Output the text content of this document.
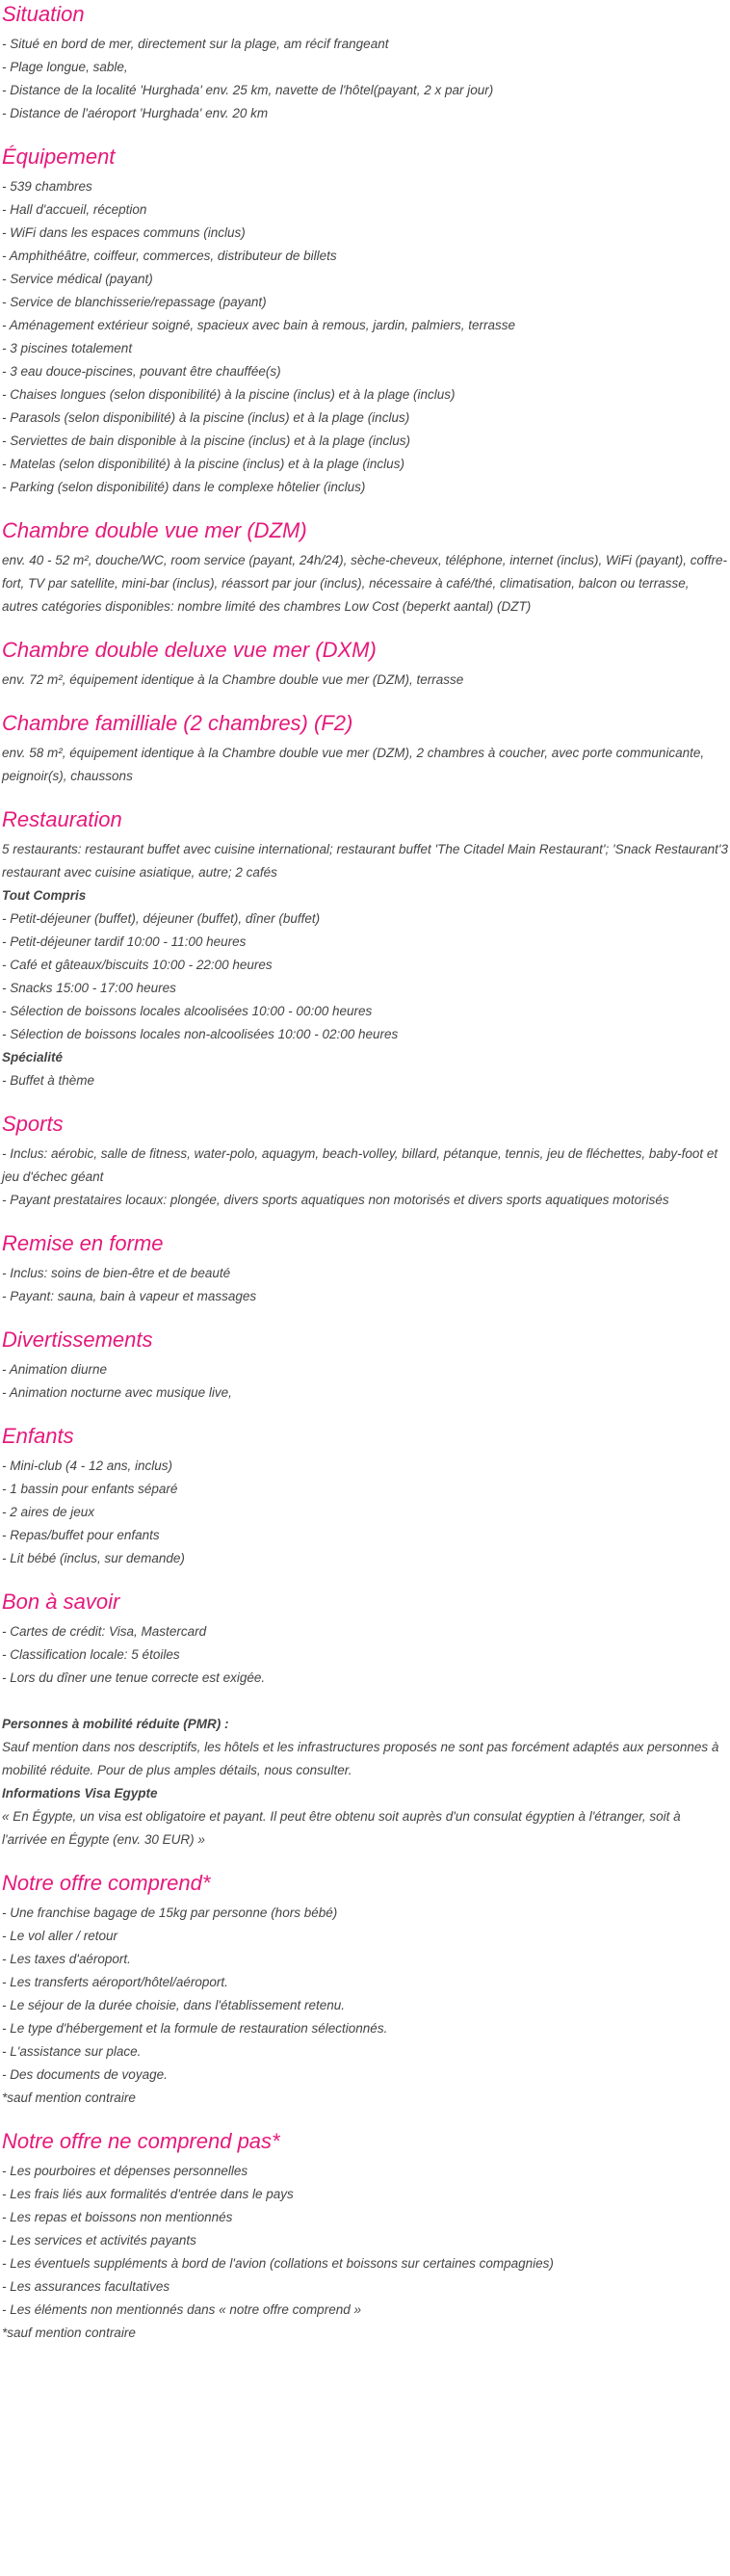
Situation

- Situé en bord de mer, directement sur la plage, am récif frangeant

- Plage longue, sable,

- Distance de la localité 'Hurghada' env. 25 km, navette de l'hôtel(payant, 2 x par jour)

- Distance de l'aéroport 'Hurghada' env. 20 km

Équipement

- 539 chambres

- Hall d'accueil, réception

- WiFi dans les espaces communs (inclus)

- Amphithéâtre, coiffeur, commerces, distributeur de billets

- Service médical (payant)

- Service de blanchisserie/repassage (payant)

- Aménagement extérieur soigné, spacieux avec bain à remous, jardin, palmiers, terrasse

- 3 piscines totalement

- 3 eau douce-piscines, pouvant être chauffée(s)

- Chaises longues (selon disponibilité) à la piscine (inclus) et à la plage (inclus)

- Parasols (selon disponibilité) à la piscine (inclus) et à la plage (inclus)

- Serviettes de bain disponible à la piscine (inclus) et à la plage (inclus)

- Matelas (selon disponibilité) à la piscine (inclus) et à la plage (inclus)

- Parking (selon disponibilité) dans le complexe hôtelier (inclus)

Chambre double vue mer (DZM)

env. 40 - 52 m², douche/WC, room service (payant, 24h/24), sèche-cheveux, téléphone, internet (inclus), WiFi (payant), coffre-fort, TV par satellite, mini-bar (inclus), réassort par jour (inclus), nécessaire à café/thé, climatisation, balcon ou terrasse, autres catégories disponibles: nombre limité des chambres Low Cost (beperkt aantal) (DZT)

Chambre double deluxe vue mer (DXM)

env. 72 m², équipement identique à la Chambre double vue mer (DZM), terrasse

Chambre familliale (2 chambres) (F2)

env. 58 m², équipement identique à la Chambre double vue mer (DZM), 2 chambres à coucher, avec porte communicante, peignoir(s), chaussons

Restauration

5 restaurants: restaurant buffet avec cuisine international; restaurant buffet 'The Citadel Main Restaurant'; 'Snack Restaurant'3 restaurant avec cuisine asiatique, autre; 2 cafés

Tout Compris

- Petit-déjeuner (buffet), déjeuner (buffet), dîner (buffet)

- Petit-déjeuner tardif 10:00 - 11:00 heures

- Café et gâteaux/biscuits 10:00 - 22:00 heures

- Snacks 15:00 - 17:00 heures

- Sélection de boissons locales alcoolisées 10:00 - 00:00 heures

- Sélection de boissons locales non-alcoolisées 10:00 - 02:00 heures

Spécialité

- Buffet à thème

Sports

- Inclus: aérobic, salle de fitness, water-polo, aquagym, beach-volley, billard, pétanque, tennis, jeu de fléchettes, baby-foot et jeu d'échec géant

- Payant prestataires locaux: plongée, divers sports aquatiques non motorisés et divers sports aquatiques motorisés

Remise en forme

- Inclus: soins de bien-être et de beauté

- Payant: sauna, bain à vapeur et massages

Divertissements

- Animation diurne

- Animation nocturne avec musique live,

Enfants

- Mini-club (4 - 12 ans, inclus)

- 1 bassin pour enfants séparé

- 2 aires de jeux

- Repas/buffet pour enfants

- Lit bébé (inclus, sur demande)

Bon à savoir

- Cartes de crédit: Visa, Mastercard

- Classification locale: 5 étoiles

- Lors du dîner une tenue correcte est exigée.

Personnes à mobilité réduite (PMR) :

Sauf mention dans nos descriptifs, les hôtels et les infrastructures proposés ne sont pas forcément adaptés aux personnes à mobilité réduite. Pour de plus amples détails, nous consulter.

Informations Visa Egypte

« En Égypte, un visa est obligatoire et payant. Il peut être obtenu soit auprès d'un consulat égyptien à l'étranger, soit à l'arrivée en Égypte (env. 30 EUR) »

Notre offre comprend*

- Une franchise bagage de 15kg par personne (hors bébé)

- Le vol aller / retour

- Les taxes d'aéroport.

- Les transferts aéroport/hôtel/aéroport.

- Le séjour de la durée choisie, dans l'établissement retenu.

- Le type d'hébergement et la formule de restauration sélectionnés.

- L'assistance sur place.

- Des documents de voyage.

*sauf mention contraire

Notre offre ne comprend pas*

- Les pourboires et dépenses personnelles

- Les frais liés aux formalités d'entrée dans le pays

- Les repas et boissons non mentionnés

- Les services et activités payants

- Les éventuels suppléments à bord de l'avion (collations et boissons sur certaines compagnies)

- Les assurances facultatives

- Les éléments non mentionnés dans « notre offre comprend »

*sauf mention contraire
